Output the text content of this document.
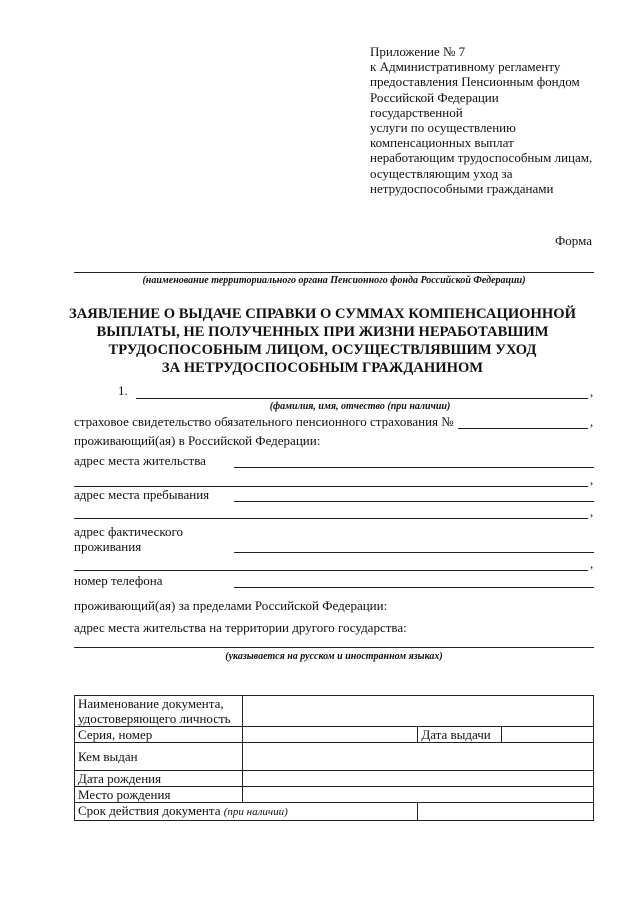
Приложение № 7
к Административному регламенту
предоставления Пенсионным фондом
Российской Федерации
государственной
услуги по осуществлению
компенсационных выплат
неработающим трудоспособным лицам,
осуществляющим уход за
нетрудоспособными гражданами
Форма
(наименование территориального органа Пенсионного фонда Российской Федерации)
ЗАЯВЛЕНИЕ О ВЫДАЧЕ СПРАВКИ О СУММАХ КОМПЕНСАЦИОННОЙ
ВЫПЛАТЫ, НЕ ПОЛУЧЕННЫХ ПРИ ЖИЗНИ НЕРАБОТАВШИМ
ТРУДОСПОСОБНЫМ ЛИЦОМ, ОСУЩЕСТВЛЯВШИМ УХОД
ЗА НЕТРУДОСПОСОБНЫМ ГРАЖДАНИНОМ
1.	,
(фамилия, имя, отчество (при наличии)
страховое свидетельство обязательного пенсионного страхования №	,
проживающий(ая) в Российской Федерации:
адрес места жительства
,
адрес места пребывания
,
адрес фактического
проживания
,
номер телефона
проживающий(ая) за пределами Российской Федерации:
адрес места жительства на территории другого государства:
(указывается на русском и иностранном языках)
Наименование документа,
удостоверяющего личность			

Серия, номер		Дата выдачи	
Кем выдан			
Дата рождения			
Место рождения			
Срок действия документа (при наличии)			
